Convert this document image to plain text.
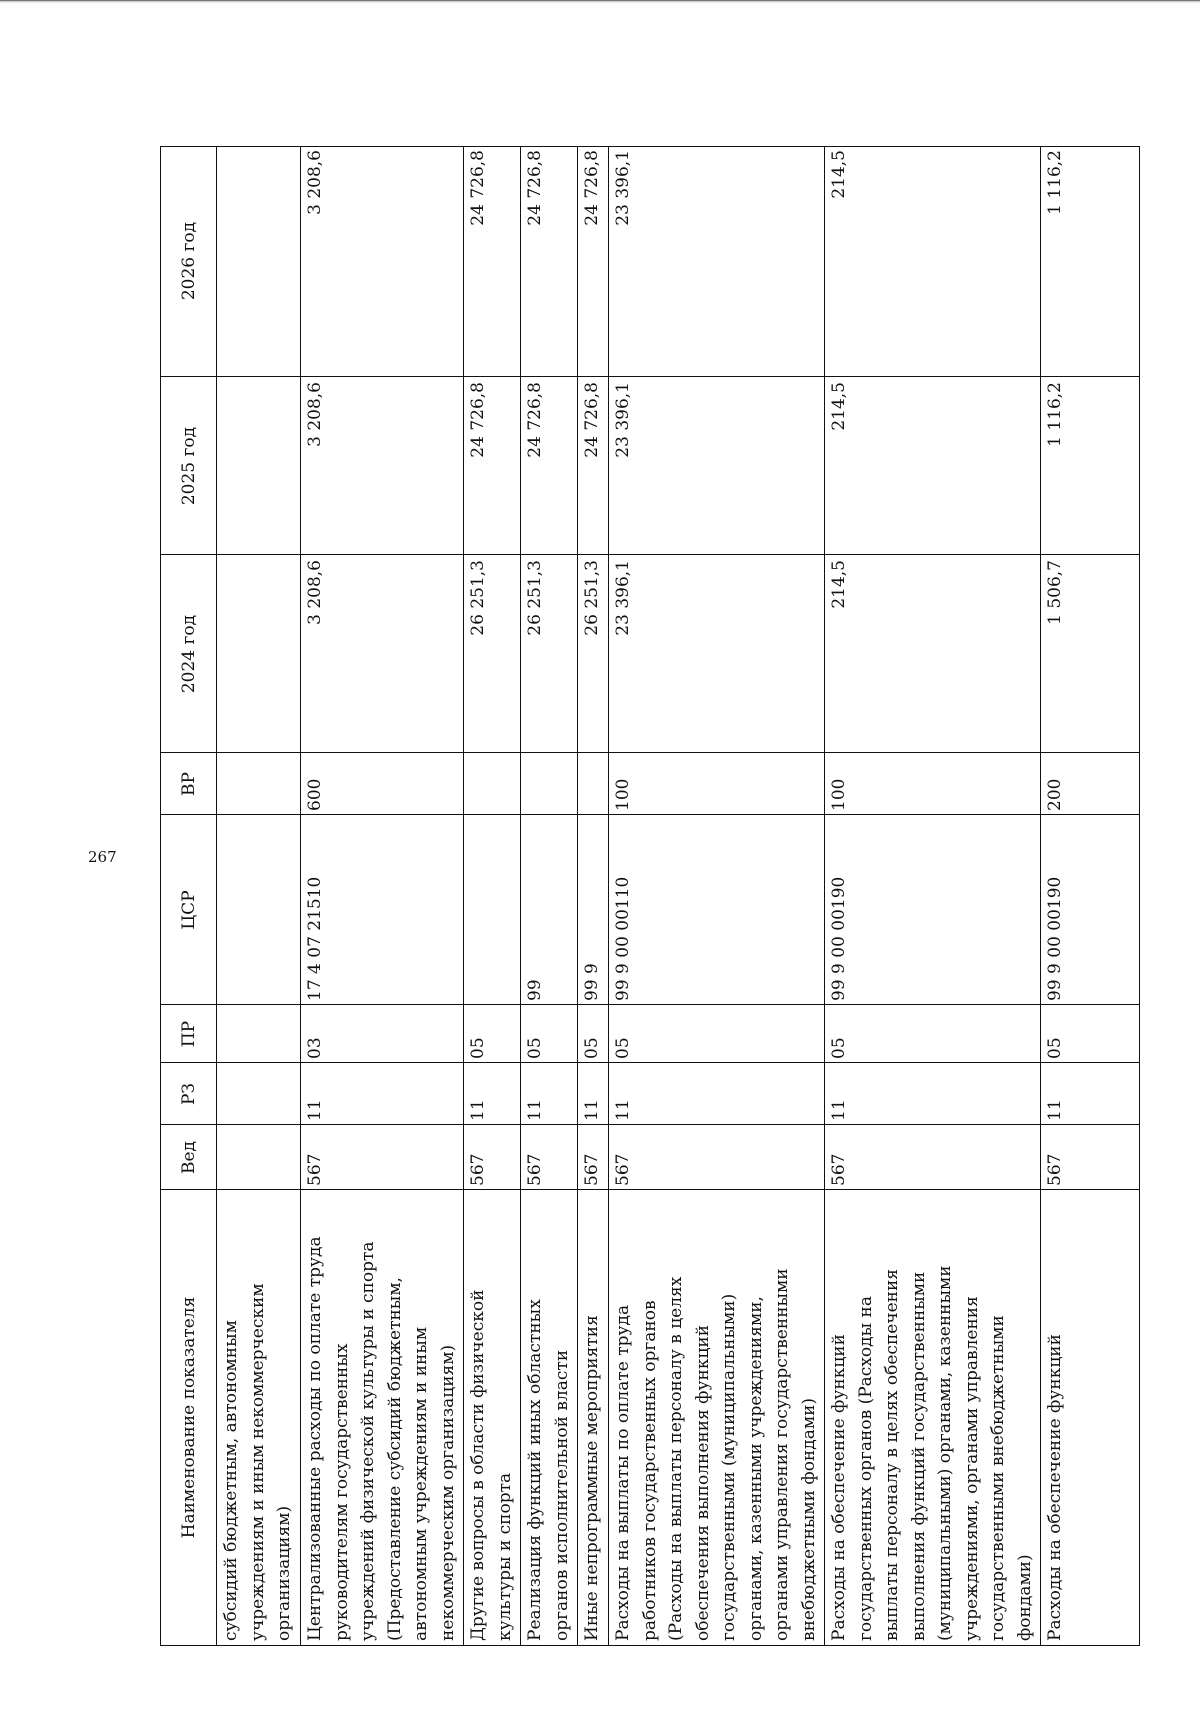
267
Наименование показателя
Вед
РЗ
ПР
ЦСР
ВР
2024 год
2025 год
2026 год
субсидий бюджетным, автономным учреждениям и иным некоммерческим организациям) Централизованные расходы по оплате труда руководителям государственных учреждений физической культуры и спорта (Предоставление субсидий бюджетным, автономным учреждениям и иным некоммерческим организациям)
567
11
03
17 4 07 21510
600
3 208,6
3 208,6
3 208,6
Другие вопросы в области физической культуры и спорта
567
11
05
26 251,3
24 726,8
24 726,8
Реализация функций иных областных органов исполнительной власти
567
11
05
99
26 251,3
24 726,8
24 726,8
Иные непрограммные мероприятия
567
11
05
99 9
26 251,3
24 726,8
24 726,8
Расходы на выплаты по оплате труда работников государственных органов (Расходы на выплаты персоналу в целях обеспечения выполнения функций государственными (муниципальными) органами, казенными учреждениями, органами управления государственными внебюджетными фондами)
567
11
05
99 9 00 00110
100
23 396,1
23 396,1
23 396,1
Расходы на обеспечение функций государственных органов (Расходы на выплаты персоналу в целях обеспечения выполнения функций государственными (муниципальными) органами, казенными учреждениями, органами управления государственными внебюджетными фондами)
567
11
05
99 9 00 00190
100
214,5
214,5
214,5
Расходы на обеспечение функций
567
11
05
99 9 00 00190
200
1 506,7
1 116,2
1 116,2
